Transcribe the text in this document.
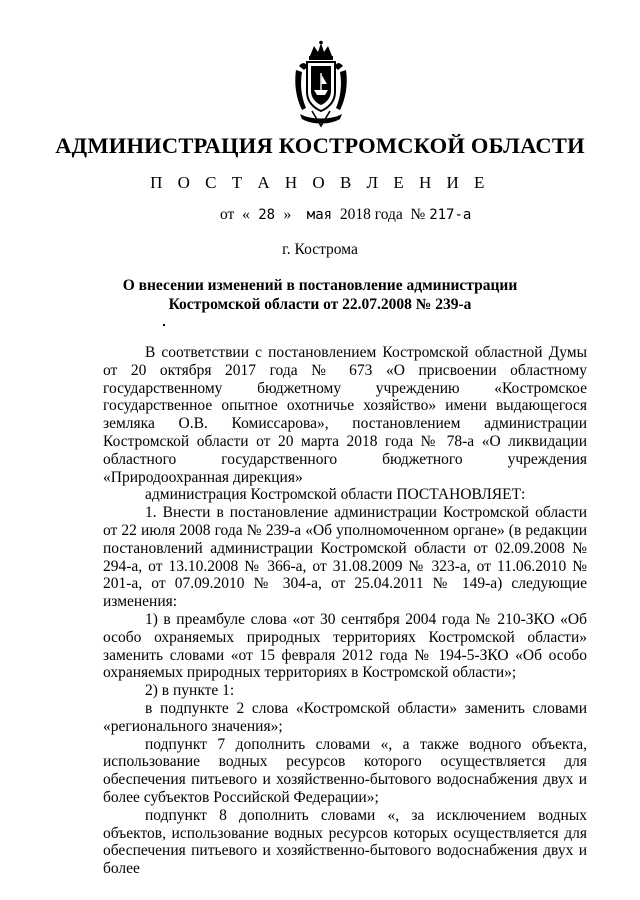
АДМИНИСТРАЦИЯ КОСТРОМСКОЙ ОБЛАСТИ
П О С Т А Н О В Л Е Н И Е
от  « 28 »    мая  2018 года  № 217-а
г. Кострома
О внесении изменений в постановление администрации
Костромской области от 22.07.2008 № 239-а

В соответствии с постановлением Костромской областной Думы от 20 октября 2017 года № 673 «О присвоении областному государственному бюджетному учреждению «Костромское государственное опытное охотничье хозяйство» имени выдающегося земляка О.В. Комиссарова», постановлением администрации Костромской области от 20 марта 2018 года № 78-а «О ликвидации областного государственного бюджетного учреждения «Природоохранная дирекция»

администрация Костромской области ПОСТАНОВЛЯЕТ:

1. Внести в постановление администрации Костромской области от 22 июля 2008 года № 239-а «Об уполномоченном органе» (в редакции постановлений администрации Костромской области от 02.09.2008 № 294-а, от 13.10.2008 № 366-а, от 31.08.2009 № 323-а, от 11.06.2010 № 201-а, от 07.09.2010 № 304-а, от 25.04.2011 № 149-а) следующие изменения:

1) в преамбуле слова «от 30 сентября 2004 года № 210-ЗКО «Об особо охраняемых природных территориях Костромской области» заменить словами «от 15 февраля 2012 года № 194-5-ЗКО «Об особо охраняемых природных территориях в Костромской области»;

2) в пункте 1:

в подпункте 2 слова «Костромской области» заменить словами «регионального значения»;

подпункт 7 дополнить словами «, а также водного объекта, использование водных ресурсов которого осуществляется для обеспечения питьевого и хозяйственно-бытового водоснабжения двух и более субъектов Российской Федерации»;

подпункт 8 дополнить словами «, за исключением водных объектов, использование водных ресурсов которых осуществляется для обеспечения питьевого и хозяйственно-бытового водоснабжения двух и более
